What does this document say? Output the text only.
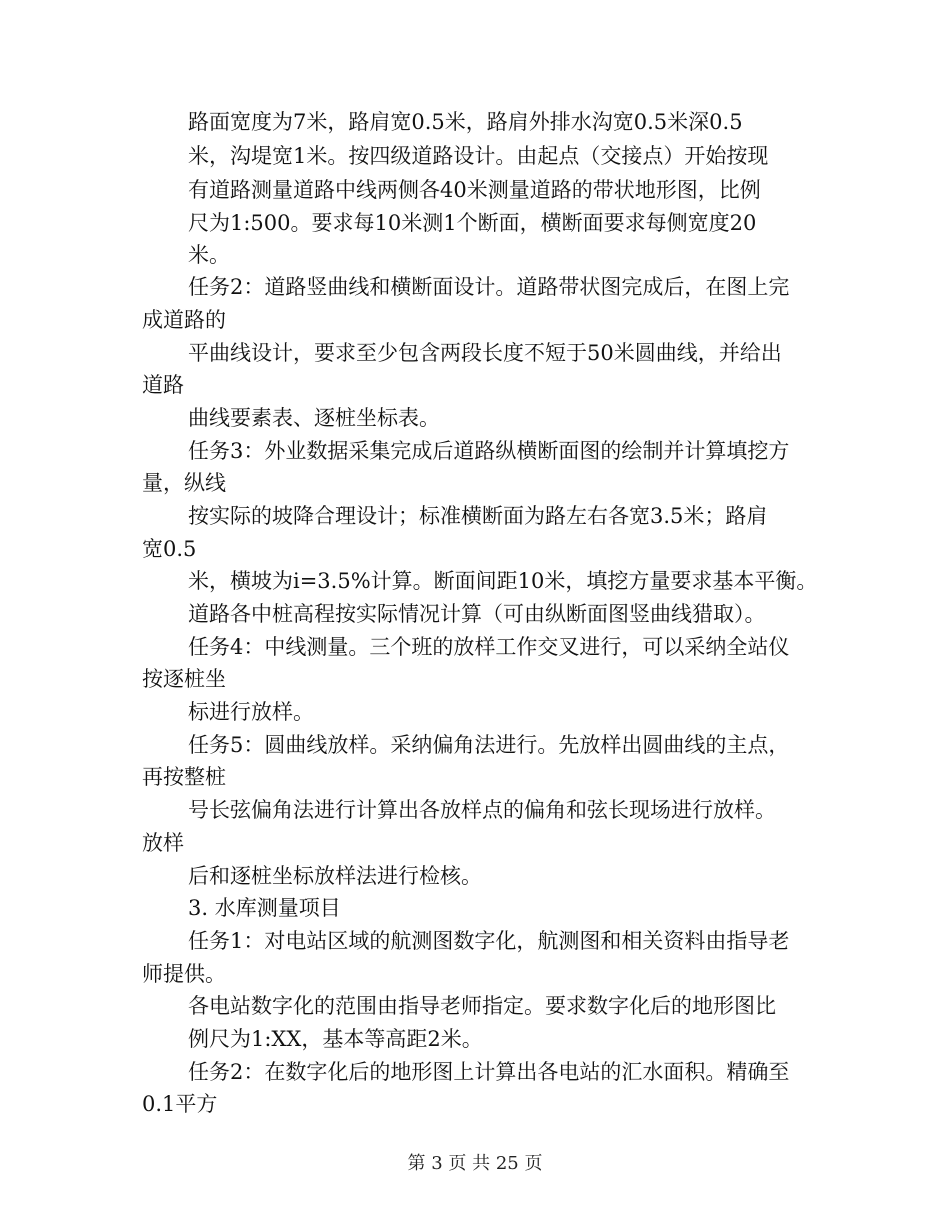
路面宽度为7米，路肩宽0.5米，路肩外排水沟宽0.5米深0.5
米，沟堤宽1米。按四级道路设计。由起点（交接点）开始按现
有道路测量道路中线两侧各40米测量道路的带状地形图，比例
尺为1:500。要求每10米测1个断面，横断面要求每侧宽度20
米。
任务2：道路竖曲线和横断面设计。道路带状图完成后，在图上完
成道路的
平曲线设计，要求至少包含两段长度不短于50米圆曲线，并给出
道路
曲线要素表、逐桩坐标表。
任务3：外业数据采集完成后道路纵横断面图的绘制并计算填挖方
量，纵线
按实际的坡降合理设计；标准横断面为路左右各宽3.5米；路肩
宽0.5
米，横坡为i=3.5%计算。断面间距10米，填挖方量要求基本平衡。
道路各中桩高程按实际情况计算（可由纵断面图竖曲线猎取）。
任务4：中线测量。三个班的放样工作交叉进行，可以采纳全站仪
按逐桩坐
标进行放样。
任务5：圆曲线放样。采纳偏角法进行。先放样出圆曲线的主点，
再按整桩
号长弦偏角法进行计算出各放样点的偏角和弦长现场进行放样。
放样
后和逐桩坐标放样法进行检核。
3. 水库测量项目
任务1：对电站区域的航测图数字化，航测图和相关资料由指导老
师提供。
各电站数字化的范围由指导老师指定。要求数字化后的地形图比
例尺为1:XX，基本等高距2米。
任务2：在数字化后的地形图上计算出各电站的汇水面积。精确至
0.1平方
第 3 页 共 25 页
